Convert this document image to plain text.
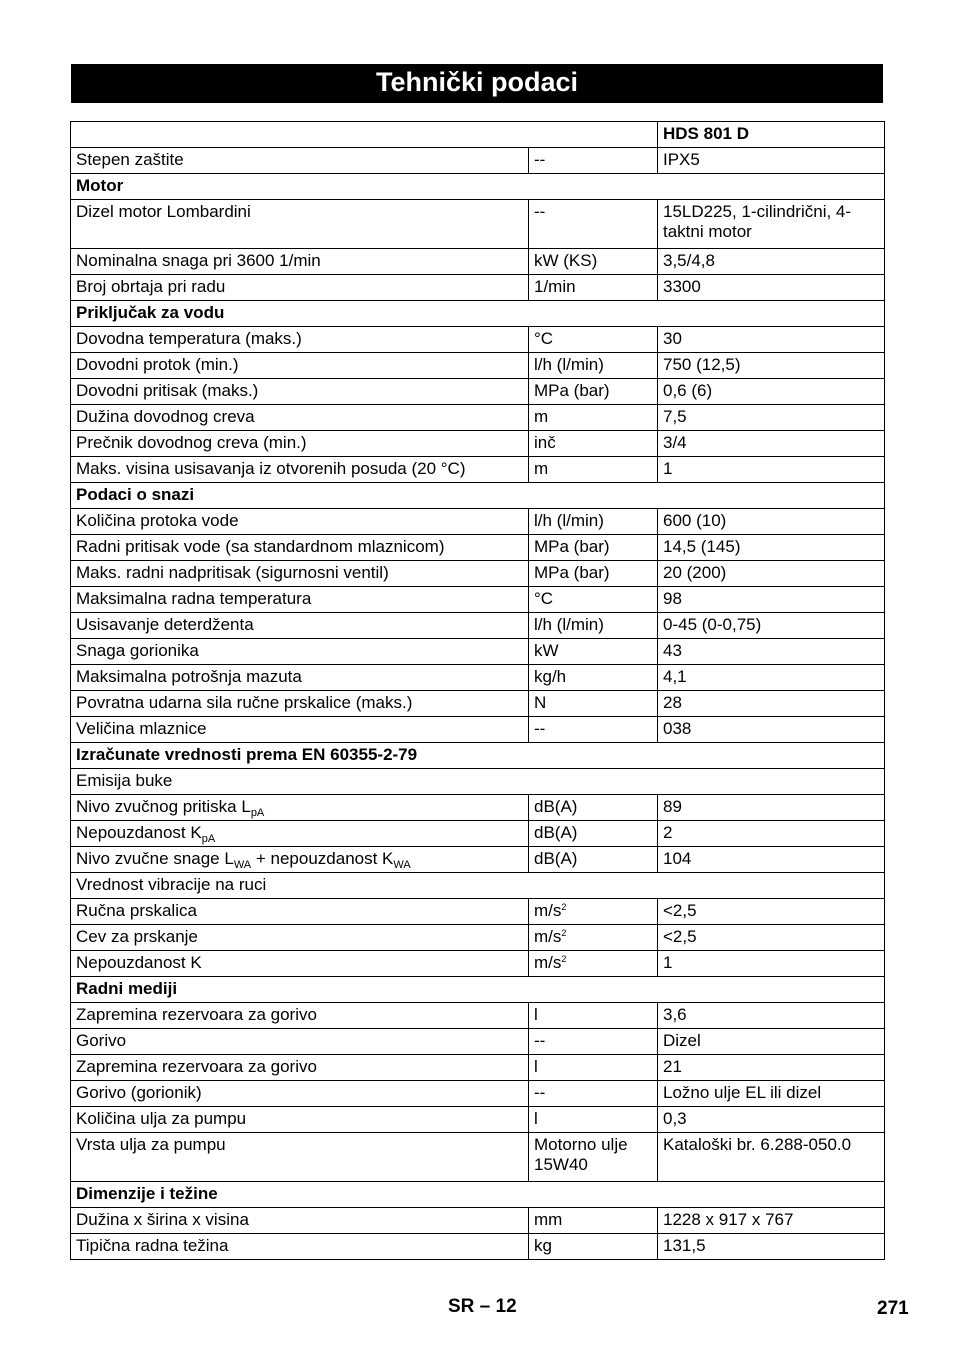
Tehnički podaci
		HDS 801 D
Stepen zaštite	--	IPX5
Motor		
Dizel motor Lombardini	--	15LD225, 1-cilindrični, 4-taktni motor
Nominalna snaga pri 3600 1/min	kW (KS)	3,5/4,8
Broj obrtaja pri radu	1/min	3300
Priključak za vodu		
Dovodna temperatura (maks.)	°C	30
Dovodni protok (min.)	l/h (l/min)	750 (12,5)
Dovodni pritisak (maks.)	MPa (bar)	0,6 (6)
Dužina dovodnog creva	m	7,5
Prečnik dovodnog creva (min.)	inč	3/4
Maks. visina usisavanja iz otvorenih posuda (20 °C)	m	1
Podaci o snazi		
Količina protoka vode	l/h (l/min)	600 (10)
Radni pritisak vode (sa standardnom mlaznicom)	MPa (bar)	14,5 (145)
Maks. radni nadpritisak (sigurnosni ventil)	MPa (bar)	20 (200)
Maksimalna radna temperatura	°C	98
Usisavanje deterdženta	l/h (l/min)	0-45 (0-0,75)
Snaga gorionika	kW	43
Maksimalna potrošnja mazuta	kg/h	4,1
Povratna udarna sila ručne prskalice (maks.)	N	28
Veličina mlaznice	--	038
Izračunate vrednosti prema EN 60355-2-79		
Emisija buke		
Nivo zvučnog pritiska $L_{pA}$	dB(A)	89
Nepouzdanost $K_{pA}$	dB(A)	2
Nivo zvučne snage $L_{WA}$ + nepouzdanost $K_{WA}$	dB(A)	104
Vrednost vibracije na ruci		
Ručna prskalica	$m/s^2$	<2,5
Cev za prskanje	$m/s^2$	<2,5
Nepouzdanost K	$m/s^2$	1
Radni mediji		
Zapremina rezervoara za gorivo	l	3,6
Gorivo	--	Dizel
Zapremina rezervoara za gorivo	l	21
Gorivo (gorionik)	--	Ložno ulje EL ili dizel
Količina ulja za pumpu	l	0,3
Vrsta ulja za pumpu	Motorno ulje 15W40	Kataloški br. 6.288-050.0
Dimenzije i težine		
Dužina x širina x visina	mm	1228 x 917 x 767
Tipična radna težina	kg	131,5
SR – 12	271
